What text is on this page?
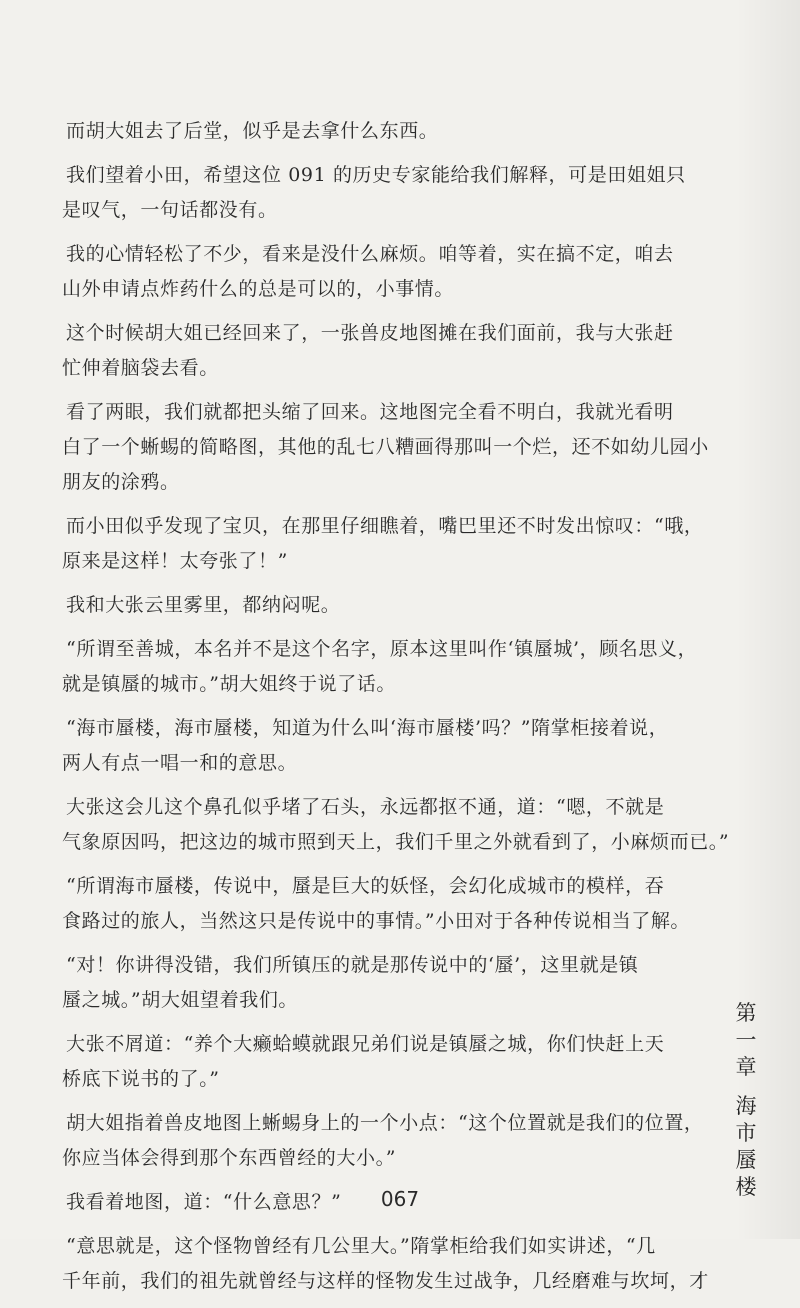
而胡大姐去了后堂，似乎是去拿什么东西。

我们望着小田，希望这位 091 的历史专家能给我们解释，可是田姐姐只
是叹气，一句话都没有。

我的心情轻松了不少，看来是没什么麻烦。咱等着，实在搞不定，咱去
山外申请点炸药什么的总是可以的，小事情。

这个时候胡大姐已经回来了，一张兽皮地图摊在我们面前，我与大张赶
忙伸着脑袋去看。

看了两眼，我们就都把头缩了回来。这地图完全看不明白，我就光看明
白了一个蜥蜴的简略图，其他的乱七八糟画得那叫一个烂，还不如幼儿园小
朋友的涂鸦。

而小田似乎发现了宝贝，在那里仔细瞧着，嘴巴里还不时发出惊叹：“哦，
原来是这样！太夸张了！”

我和大张云里雾里，都纳闷呢。

“所谓至善城，本名并不是这个名字，原本这里叫作‘镇蜃城’，顾名思义，
就是镇蜃的城市。”胡大姐终于说了话。

“海市蜃楼，海市蜃楼，知道为什么叫‘海市蜃楼’吗？”隋掌柜接着说，
两人有点一唱一和的意思。

大张这会儿这个鼻孔似乎堵了石头，永远都抠不通，道：“嗯，不就是
气象原因吗，把这边的城市照到天上，我们千里之外就看到了，小麻烦而已。”

“所谓海市蜃楼，传说中，蜃是巨大的妖怪，会幻化成城市的模样，吞
食路过的旅人，当然这只是传说中的事情。”小田对于各种传说相当了解。

“对！你讲得没错，我们所镇压的就是那传说中的‘蜃’，这里就是镇
蜃之城。”胡大姐望着我们。

大张不屑道：“养个大癞蛤蟆就跟兄弟们说是镇蜃之城，你们快赶上天
桥底下说书的了。”

胡大姐指着兽皮地图上蜥蜴身上的一个小点：“这个位置就是我们的位置，
你应当体会得到那个东西曾经的大小。”

我看着地图，道：“什么意思？”

“意思就是，这个怪物曾经有几公里大。”隋掌柜给我们如实讲述，“几
千年前，我们的祖先就曾经与这样的怪物发生过战争，几经磨难与坎坷，才

第
一
章
海
市
蜃
楼
067
